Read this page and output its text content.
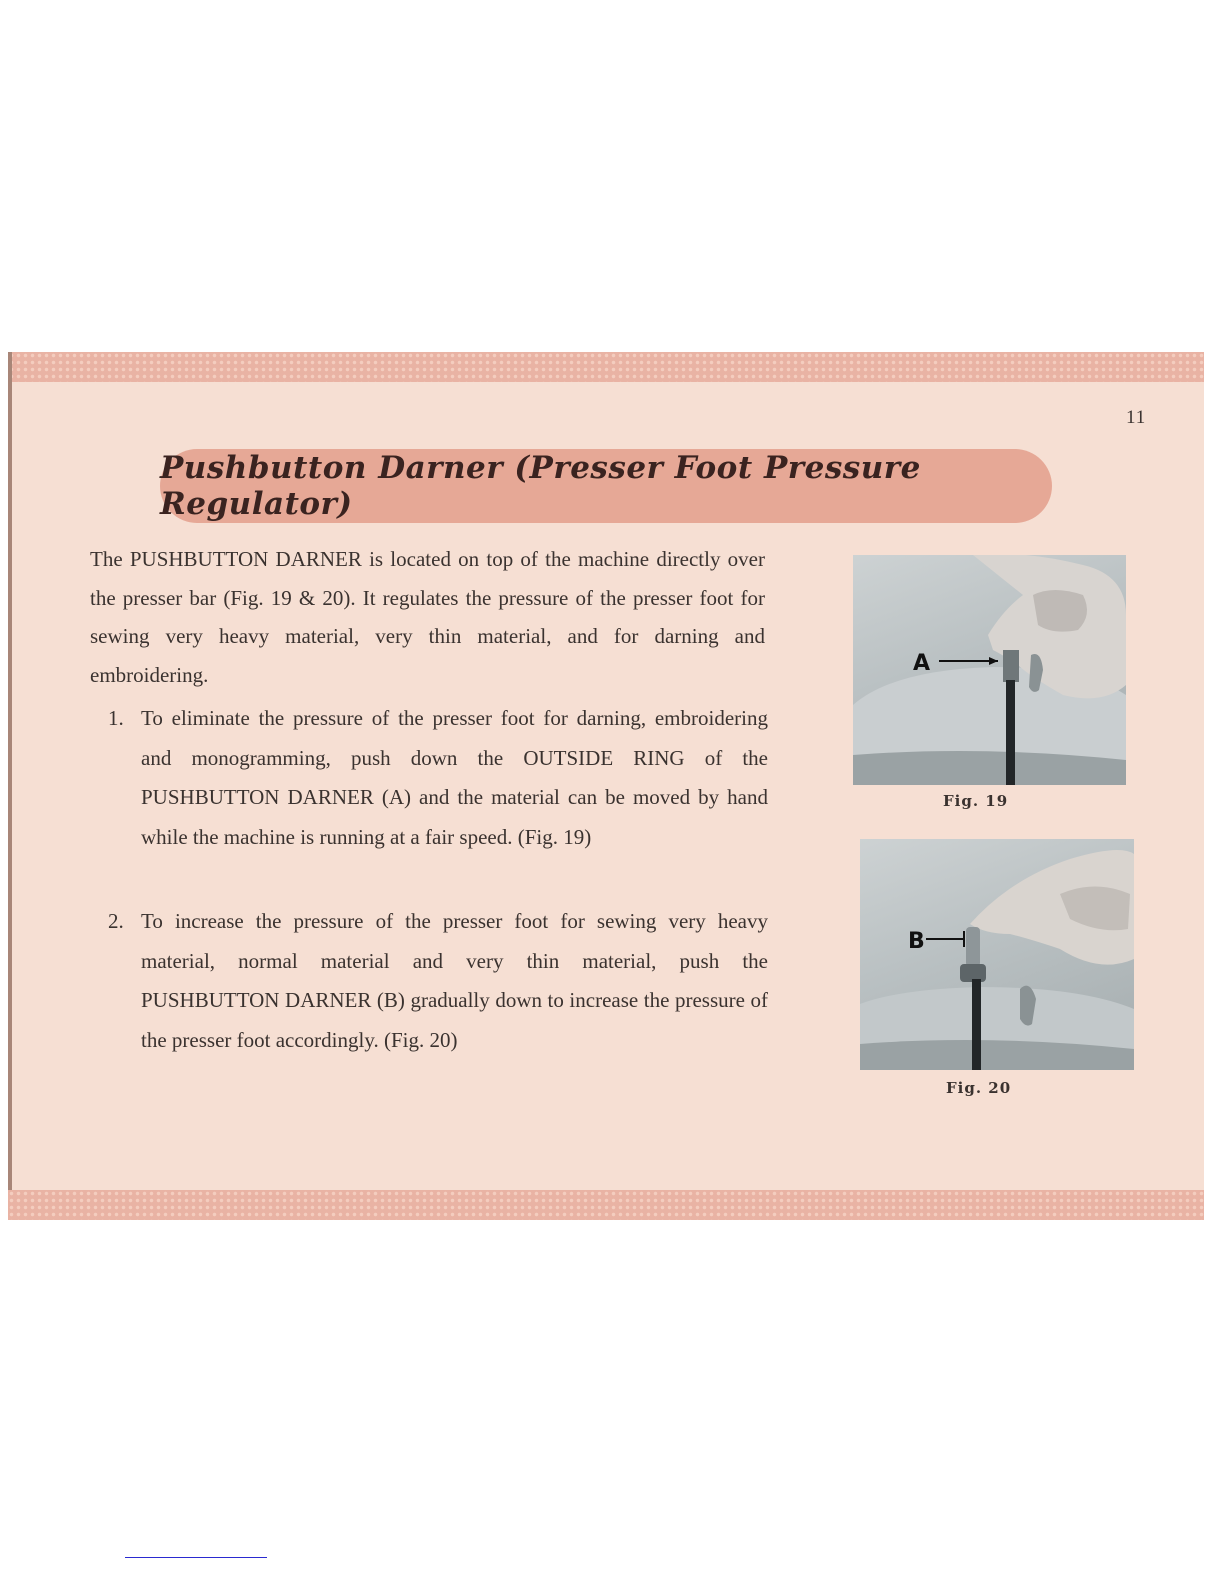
11
Pushbutton Darner (Presser Foot Pressure Regulator)
The PUSHBUTTON DARNER is located on top of the machine directly over the presser bar (Fig. 19 & 20). It regulates the pressure of the presser foot for sewing very heavy material, very thin material, and for darning and embroidering.
1. To eliminate the pressure of the presser foot for darning, embroidering and monogramming, push down the OUTSIDE RING of the PUSHBUTTON DARNER (A) and the material can be moved by hand while the machine is running at a fair speed. (Fig. 19)
2. To increase the pressure of the presser foot for sewing very heavy material, normal material and very thin material, push the PUSHBUTTON DARNER (B) gradually down to increase the pressure of the presser foot accordingly. (Fig. 20)
A
Fig. 19
B
Fig. 20
